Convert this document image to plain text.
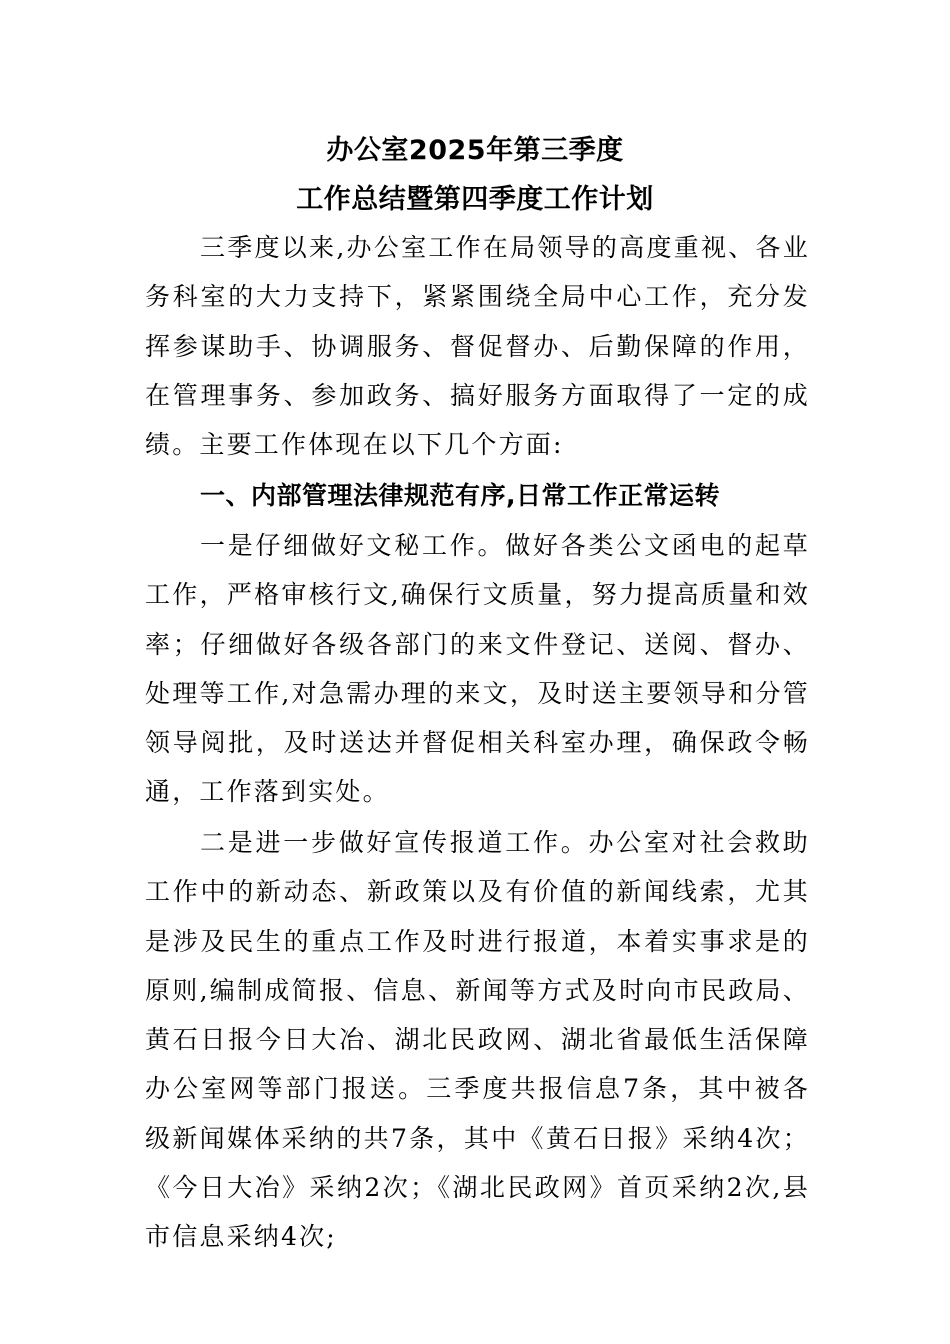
办公室2025年第三季度
工作总结暨第四季度工作计划

三季度以来,办公室工作在局领导的高度重视、各业务科室的大力支持下，紧紧围绕全局中心工作，充分发挥参谋助手、协调服务、督促督办、后勤保障的作用，在管理事务、参加政务、搞好服务方面取得了一定的成绩。主要工作体现在以下几个方面:

一、内部管理法律规范有序,日常工作正常运转

一是仔细做好文秘工作。做好各类公文函电的起草工作，严格审核行文,确保行文质量，努力提高质量和效率；仔细做好各级各部门的来文件登记、送阅、督办、处理等工作,对急需办理的来文，及时送主要领导和分管领导阅批，及时送达并督促相关科室办理，确保政令畅通，工作落到实处。

二是进一步做好宣传报道工作。办公室对社会救助工作中的新动态、新政策以及有价值的新闻线索，尤其是涉及民生的重点工作及时进行报道，本着实事求是的原则,编制成简报、信息、新闻等方式及时向市民政局、黄石日报今日大冶、湖北民政网、湖北省最低生活保障办公室网等部门报送。三季度共报信息7条，其中被各级新闻媒体采纳的共7条，其中《黄石日报》采纳4次；《今日大冶》采纳2次；《湖北民政网》首页采纳2次,县市信息采纳4次;
